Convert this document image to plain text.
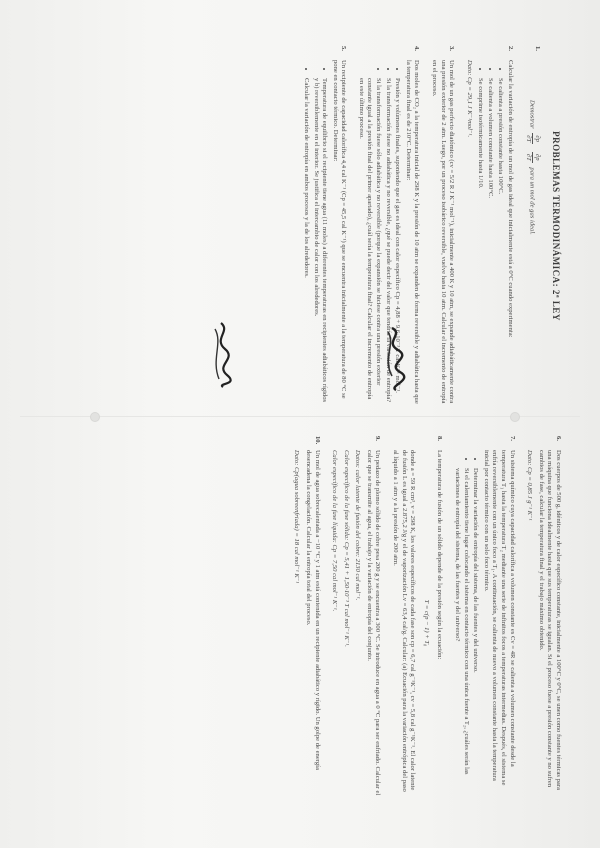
PROBLEMAS TERMODINÁMICA: 2ª LEY
1.
Demostrar
∂p
∂T

∂p
∂T
para un mol de gas ideal.
2.
Calcular la variación de entropía de un mol de gas ideal que inicialmente está a 0°C cuando experimenta:
• Se calienta a presión constante hasta 100°C.
• Se calienta a volumen constante hasta 100°C.
• Se comprime isotérmicamente hasta 1/10.
Dato: Cp = 29,1 J K⁻¹mol⁻¹.
3.
Un mol de un gas perfecto diatómico (cv = 5/2 R J K⁻¹ mol⁻¹), inicialmente a 400 K y 10 atm, se expande adiabáticamente contra una presión exterior de 2 atm. Luego, por un proceso isobárico reversible, vuelve hasta 10 atm. Calcular el incremento de entropía en el proceso.
4.
Dos moles de CO₂ a la temperatura inicial de 298 K y la presión de 10 atm se expanden de forma reversible y adiabática hasta que la temperatura final es de 210°C. Determinar:
• Presión y volúmenes finales, suponiendo que el gas es ideal con calor específico Cp = 4,88 + 9,6·10⁻³ T cal K⁻¹ mol⁻¹.
• Si la transformación fuese no adiabática y no reversible, ¿qué se puede decir del valor que tendría la variación de entropía?
• Si la transformación fuese sólo adiabática y no reversible (porque la expansión se hiciese contra una presión exterior constante igual a la presión final del primer apartado), ¿cuál sería la temperatura final? Calcular el incremento de entropía en este último proceso.
5.
Un recipiente de capacidad calorífica 4,4 cal K⁻¹ (Cp = 45,5 cal K⁻¹) que se encuentra inicialmente a la temperatura de 80 °C se pone en contacto térmico. Determinar:
• Temperatura de equilibrio si el recipiente tiene agua (11 moles) a diferentes temperaturas en recipientes adiabáticos rígidos y b) reversiblemente en el interior. Se justifica el intercambio de calor con los alrededores.
• Calcular la variación de entropía en ambos procesos y la de los alrededores.
6.
Dos cuerpos de 500 g, idénticos y de calor específico constante, inicialmente a 100°C y 0°C, se unen como fuentes térmicas para una máquina que funciona idealmente hasta que sus temperaturas se igualan. Si el proceso fuese a presión constante y no sufren cambios de fase, calcular la temperatura final y el trabajo máximo obtenido.
Dato: Cp = 0,85 J g⁻¹ K⁻¹
7.
Un sistema químico cuya capacidad calorífica a volumen constante es Cv = 4R se calienta a volumen constante desde la temperatura T₁ hasta la temperatura T₂ mediante una serie de infinitos focos a temperaturas intermedias. Después, el sistema se enfría reversiblemente con un único foco a T₁. A continuación, se calienta de nuevo a volumen constante hasta la temperatura inicial por contacto térmico con un solo foco térmico.
• Determinar la variación de entropía del sistema, de las fuentes y del universo.
• Si el calentamiento tiene lugar colocando el sistema en contacto térmico con una única fuente a T₂, ¿cuáles serán las variaciones de entropía del sistema, de las fuentes y del universo?
8.
La temperatura de fusión de un sólido depende de la presión según la ecuación:
T = c(p − 1) + T₀
donde a = 59 R cm³, v = 298 K, los valores específicos de cada fase son cp = 6,7 cal g⁻¹K⁻¹, cv = 5,8 cal g⁻¹K⁻¹. El calor latente de fusión L es igual a 2.875,2 J/g y el de vaporización Lv = 63,4 cal/g. Calcular: (a) Ecuación para la variación entrópica del paso al líquido a 1 atm y a la presión de 200 atm.
9.
Un pedazo de plomo sólido de cobre pesa 200 g y se encuentra a 300 °C. Se introduce en agua a 0 °C para ser enfriado. Calcular el calor que se transmite al agua, el trabajo y la variación de entropía del conjunto.
Datos: calor latente de fusión del cobre: 2130 cal mol⁻¹.
Calor específico de la fase sólida: Cp = 5,41 + 1,50·10⁻³ T cal mol⁻¹ K⁻¹.
Calor específico de la fase líquida: Cp = 7,50 cal mol⁻¹ K⁻¹.
10.
Un mol de agua sobrecalentada a −10 °C y 1 atm está contenida en un recipiente adiabático y rígido. Un golpe de energía desencadena la congelación. Calcular la entropía total del proceso.
Dato: Cp(agua sobreenfriada) = 18 cal mol⁻¹ K⁻¹
